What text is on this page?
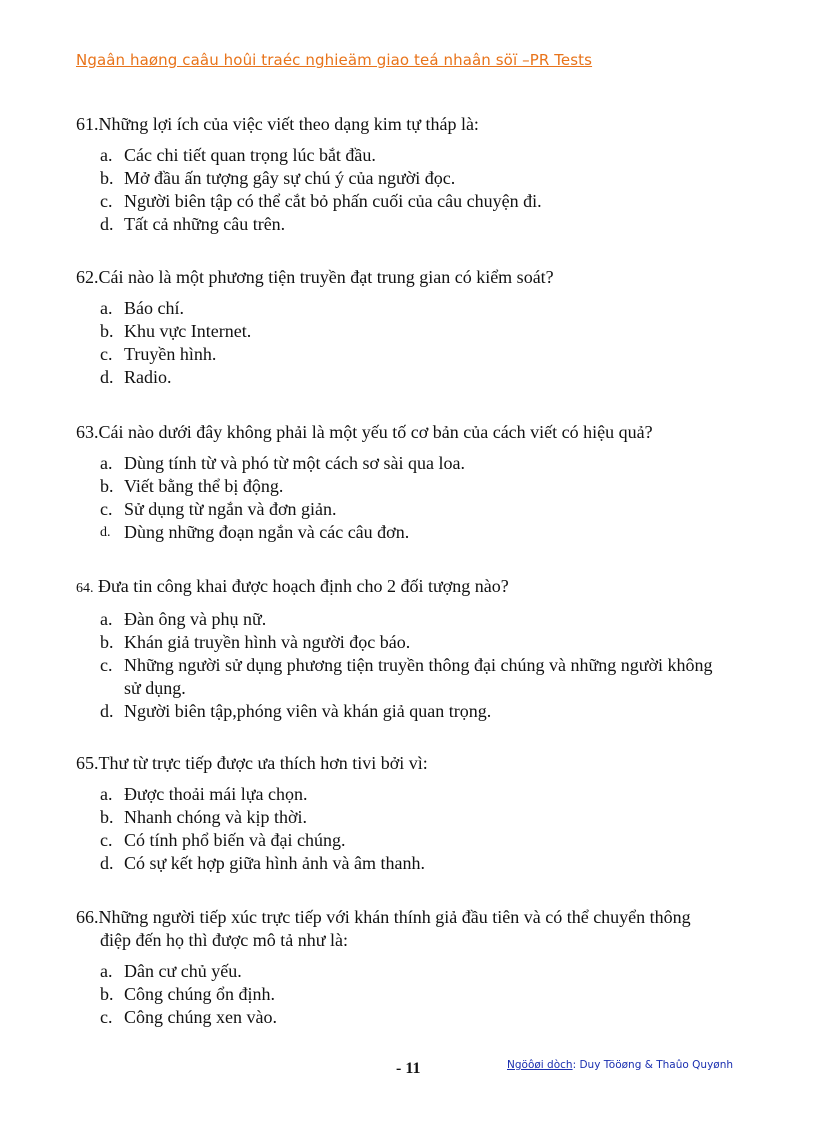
Ngaân haøng caâu hoûi traéc nghieäm giao teá nhaân söï –PR Tests
61.Những lợi ích của việc viết theo dạng kim tự tháp là:
a. Các chi tiết quan trọng lúc bắt đầu.
b. Mở đầu ấn tượng gây sự chú ý của người đọc.
c. Người biên tập có thể cắt bỏ phấn cuối của câu chuyện đi.
d. Tất cả những câu trên.
62.Cái nào là một phương tiện truyền đạt trung gian có kiểm soát?
a. Báo chí.
b. Khu vực Internet.
c. Truyền hình.
d. Radio.
63.Cái nào dưới đây không phải là một yếu tố cơ bản của cách viết có hiệu quả?
a. Dùng tính từ và phó từ một cách sơ sài qua loa.
b. Viết bằng thể bị động.
c. Sử dụng từ ngắn và đơn giản.
d. Dùng những đoạn ngắn và các câu đơn.
64. Đưa tin công khai được hoạch định cho 2 đối tượng nào?
a. Đàn ông và phụ nữ.
b. Khán giả truyền hình và người đọc báo.
c. Những người sử dụng phương tiện truyền thông đại chúng và những người không sử dụng.
d. Người biên tập,phóng viên và khán giả quan trọng.
65.Thư từ trực tiếp được ưa thích hơn tivi bởi vì:
a. Được thoải mái lựa chọn.
b. Nhanh chóng và kịp thời.
c. Có tính phổ biến và đại chúng.
d. Có sự kết hợp giữa hình ảnh và âm thanh.
66.Những người tiếp xúc trực tiếp với khán thính giả đầu tiên và có thể chuyển thông điệp đến họ thì được mô tả như là:
a. Dân cư chủ yếu.
b. Công chúng ổn định.
c. Công chúng xen vào.
- 11	Ngöôøi dòch: Duy Tööøng & Thaûo Quyønh
